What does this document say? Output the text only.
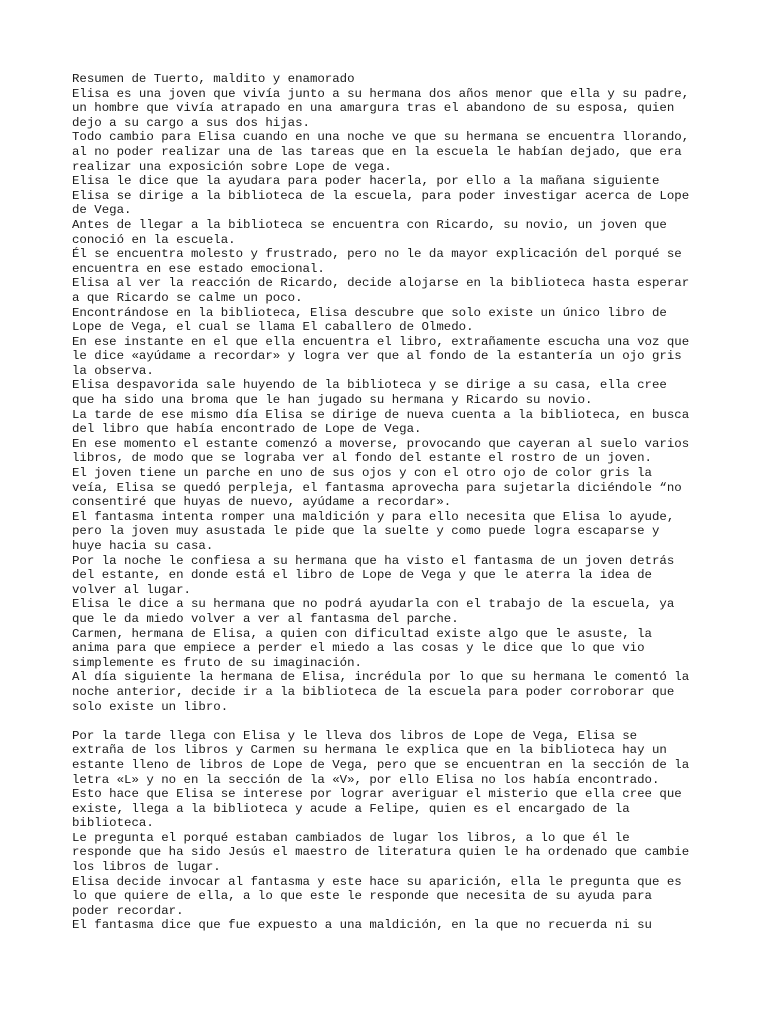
Resumen de Tuerto, maldito y enamorado
Elisa es una joven que vivía junto a su hermana dos años menor que ella y su padre,
un hombre que vivía atrapado en una amargura tras el abandono de su esposa, quien
dejo a su cargo a sus dos hijas.
Todo cambio para Elisa cuando en una noche ve que su hermana se encuentra llorando,
al no poder realizar una de las tareas que en la escuela le habían dejado, que era
realizar una exposición sobre Lope de vega.
Elisa le dice que la ayudara para poder hacerla, por ello a la mañana siguiente
Elisa se dirige a la biblioteca de la escuela, para poder investigar acerca de Lope
de Vega.
Antes de llegar a la biblioteca se encuentra con Ricardo, su novio, un joven que
conoció en la escuela.
Él se encuentra molesto y frustrado, pero no le da mayor explicación del porqué se
encuentra en ese estado emocional.
Elisa al ver la reacción de Ricardo, decide alojarse en la biblioteca hasta esperar
a que Ricardo se calme un poco.
Encontrándose en la biblioteca, Elisa descubre que solo existe un único libro de
Lope de Vega, el cual se llama El caballero de Olmedo.
En ese instante en el que ella encuentra el libro, extrañamente escucha una voz que
le dice «ayúdame a recordar» y logra ver que al fondo de la estantería un ojo gris
la observa.
Elisa despavorida sale huyendo de la biblioteca y se dirige a su casa, ella cree
que ha sido una broma que le han jugado su hermana y Ricardo su novio.
La tarde de ese mismo día Elisa se dirige de nueva cuenta a la biblioteca, en busca
del libro que había encontrado de Lope de Vega.
En ese momento el estante comenzó a moverse, provocando que cayeran al suelo varios
libros, de modo que se lograba ver al fondo del estante el rostro de un joven.
El joven tiene un parche en uno de sus ojos y con el otro ojo de color gris la
veía, Elisa se quedó perpleja, el fantasma aprovecha para sujetarla diciéndole “no
consentiré que huyas de nuevo, ayúdame a recordar».
El fantasma intenta romper una maldición y para ello necesita que Elisa lo ayude,
pero la joven muy asustada le pide que la suelte y como puede logra escaparse y
huye hacia su casa.
Por la noche le confiesa a su hermana que ha visto el fantasma de un joven detrás
del estante, en donde está el libro de Lope de Vega y que le aterra la idea de
volver al lugar.
Elisa le dice a su hermana que no podrá ayudarla con el trabajo de la escuela, ya
que le da miedo volver a ver al fantasma del parche.
Carmen, hermana de Elisa, a quien con dificultad existe algo que le asuste, la
anima para que empiece a perder el miedo a las cosas y le dice que lo que vio
simplemente es fruto de su imaginación.
Al día siguiente la hermana de Elisa, incrédula por lo que su hermana le comentó la
noche anterior, decide ir a la biblioteca de la escuela para poder corroborar que
solo existe un libro.
Por la tarde llega con Elisa y le lleva dos libros de Lope de Vega, Elisa se
extraña de los libros y Carmen su hermana le explica que en la biblioteca hay un
estante lleno de libros de Lope de Vega, pero que se encuentran en la sección de la
letra «L» y no en la sección de la «V», por ello Elisa no los había encontrado.
Esto hace que Elisa se interese por lograr averiguar el misterio que ella cree que
existe, llega a la biblioteca y acude a Felipe, quien es el encargado de la
biblioteca.
Le pregunta el porqué estaban cambiados de lugar los libros, a lo que él le
responde que ha sido Jesús el maestro de literatura quien le ha ordenado que cambie
los libros de lugar.
Elisa decide invocar al fantasma y este hace su aparición, ella le pregunta que es
lo que quiere de ella, a lo que este le responde que necesita de su ayuda para
poder recordar.
El fantasma dice que fue expuesto a una maldición, en la que no recuerda ni su
